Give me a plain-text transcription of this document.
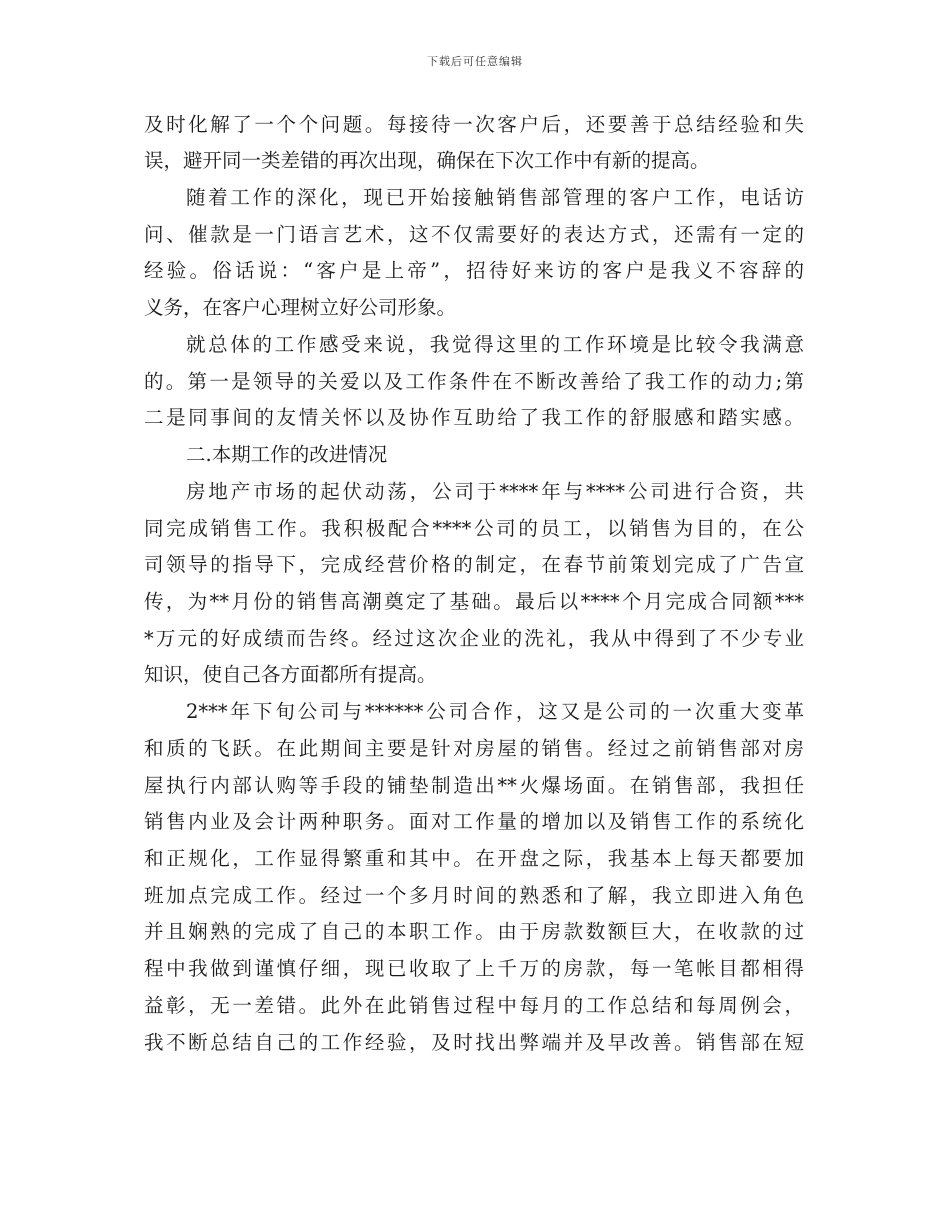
下载后可任意编辑
及时化解了一个个问题。每接待一次客户后，还要善于总结经验和失
误，避开同一类差错的再次出现，确保在下次工作中有新的提高。
随着工作的深化，现已开始接触销售部管理的客户工作，电话访
问、催款是一门语言艺术，这不仅需要好的表达方式，还需有一定的
经验。俗话说：“客户是上帝”，招待好来访的客户是我义不容辞的
义务，在客户心理树立好公司形象。
就总体的工作感受来说，我觉得这里的工作环境是比较令我满意
的。第一是领导的关爱以及工作条件在不断改善给了我工作的动力;第
二是同事间的友情关怀以及协作互助给了我工作的舒服感和踏实感。
二.本期工作的改进情况
房地产市场的起伏动荡，公司于****年与****公司进行合资，共
同完成销售工作。我积极配合****公司的员工，以销售为目的，在公
司领导的指导下，完成经营价格的制定，在春节前策划完成了广告宣
传，为**月份的销售高潮奠定了基础。最后以****个月完成合同额***
*万元的好成绩而告终。经过这次企业的洗礼，我从中得到了不少专业
知识，使自己各方面都所有提高。
2***年下旬公司与******公司合作，这又是公司的一次重大变革
和质的飞跃。在此期间主要是针对房屋的销售。经过之前销售部对房
屋执行内部认购等手段的铺垫制造出**火爆场面。在销售部，我担任
销售内业及会计两种职务。面对工作量的增加以及销售工作的系统化
和正规化，工作显得繁重和其中。在开盘之际，我基本上每天都要加
班加点完成工作。经过一个多月时间的熟悉和了解，我立即进入角色
并且娴熟的完成了自己的本职工作。由于房款数额巨大，在收款的过
程中我做到谨慎仔细，现已收取了上千万的房款，每一笔帐目都相得
益彰，无一差错。此外在此销售过程中每月的工作总结和每周例会，
我不断总结自己的工作经验，及时找出弊端并及早改善。销售部在短
